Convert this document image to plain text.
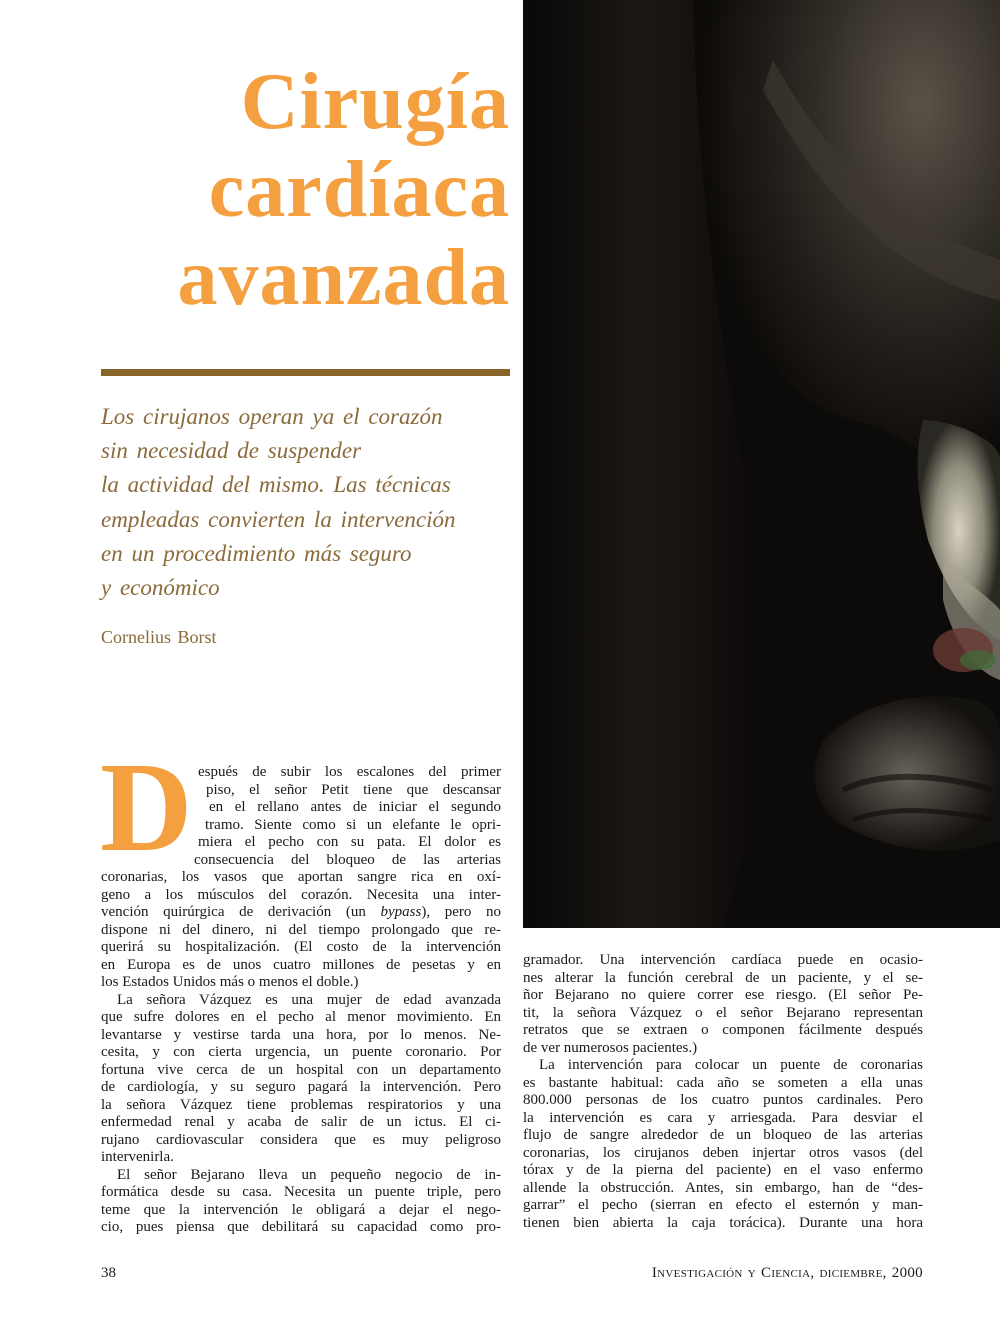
Cirugía
cardíaca
avanzada
Los cirujanos operan ya el corazón
sin necesidad de suspender
la actividad del mismo. Las técnicas
empleadas convierten la intervención
en un procedimiento más seguro
y económico
Cornelius Borst
D espués de subir los escalones del primer
piso, el señor Petit tiene que descansar
en el rellano antes de iniciar el segundo
tramo. Siente como si un elefante le opri-
miera el pecho con su pata. El dolor es
consecuencia del bloqueo de las arterias
coronarias, los vasos que aportan sangre rica en oxí-
geno a los músculos del corazón. Necesita una inter-
vención quirúrgica de derivación (un bypass), pero no
dispone ni del dinero, ni del tiempo prolongado que re-
querirá su hospitalización. (El costo de la intervención
en Europa es de unos cuatro millones de pesetas y en
los Estados Unidos más o menos el doble.)
La señora Vázquez es una mujer de edad avanzada
que sufre dolores en el pecho al menor movimiento. En
levantarse y vestirse tarda una hora, por lo menos. Ne-
cesita, y con cierta urgencia, un puente coronario. Por
fortuna vive cerca de un hospital con un departamento
de cardiología, y su seguro pagará la intervención. Pero
la señora Vázquez tiene problemas respiratorios y una
enfermedad renal y acaba de salir de un ictus. El ci-
rujano cardiovascular considera que es muy peligroso
intervenirla.
El señor Bejarano lleva un pequeño negocio de in-
formática desde su casa. Necesita un puente triple, pero
teme que la intervención le obligará a dejar el nego-
cio, pues piensa que debilitará su capacidad como pro-
gramador. Una intervención cardíaca puede en ocasio-
nes alterar la función cerebral de un paciente, y el se-
ñor Bejarano no quiere correr ese riesgo. (El señor Pe-
tit, la señora Vázquez o el señor Bejarano representan
retratos que se extraen o componen fácilmente después
de ver numerosos pacientes.)
La intervención para colocar un puente de coronarias
es bastante habitual: cada año se someten a ella unas
800.000 personas de los cuatro puntos cardinales. Pero
la intervención es cara y arriesgada. Para desviar el
flujo de sangre alrededor de un bloqueo de las arterias
coronarias, los cirujanos deben injertar otros vasos (del
tórax y de la pierna del paciente) en el vaso enfermo
allende la obstrucción. Antes, sin embargo, han de “des-
garrar” el pecho (sierran en efecto el esternón y man-
tienen bien abierta la caja torácica). Durante una hora
38	Investigación y Ciencia, diciembre, 2000
